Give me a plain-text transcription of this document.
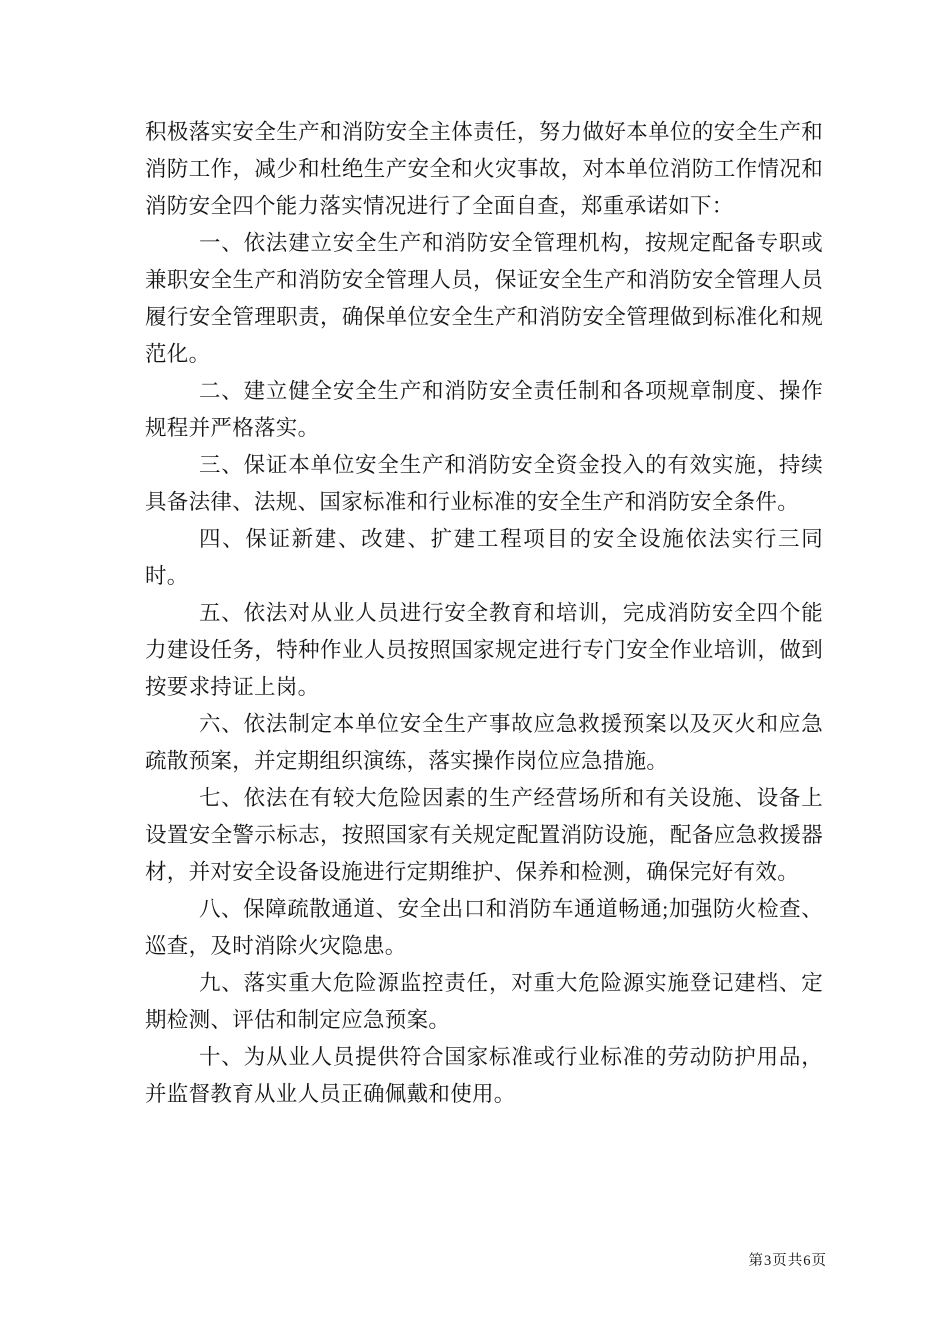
积极落实安全生产和消防安全主体责任，努力做好本单位的安全生产和消防工作，减少和杜绝生产安全和火灾事故，对本单位消防工作情况和消防安全四个能力落实情况进行了全面自查，郑重承诺如下：

一、依法建立安全生产和消防安全管理机构，按规定配备专职或兼职安全生产和消防安全管理人员，保证安全生产和消防安全管理人员履行安全管理职责，确保单位安全生产和消防安全管理做到标准化和规范化。

二、建立健全安全生产和消防安全责任制和各项规章制度、操作规程并严格落实。

三、保证本单位安全生产和消防安全资金投入的有效实施，持续具备法律、法规、国家标准和行业标准的安全生产和消防安全条件。

四、保证新建、改建、扩建工程项目的安全设施依法实行三同时。

五、依法对从业人员进行安全教育和培训，完成消防安全四个能力建设任务，特种作业人员按照国家规定进行专门安全作业培训，做到按要求持证上岗。

六、依法制定本单位安全生产事故应急救援预案以及灭火和应急疏散预案，并定期组织演练，落实操作岗位应急措施。

七、依法在有较大危险因素的生产经营场所和有关设施、设备上设置安全警示标志，按照国家有关规定配置消防设施，配备应急救援器材，并对安全设备设施进行定期维护、保养和检测，确保完好有效。

八、保障疏散通道、安全出口和消防车通道畅通;加强防火检查、巡查，及时消除火灾隐患。

九、落实重大危险源监控责任，对重大危险源实施登记建档、定期检测、评估和制定应急预案。

十、为从业人员提供符合国家标准或行业标准的劳动防护用品，并监督教育从业人员正确佩戴和使用。

第3页共6页
